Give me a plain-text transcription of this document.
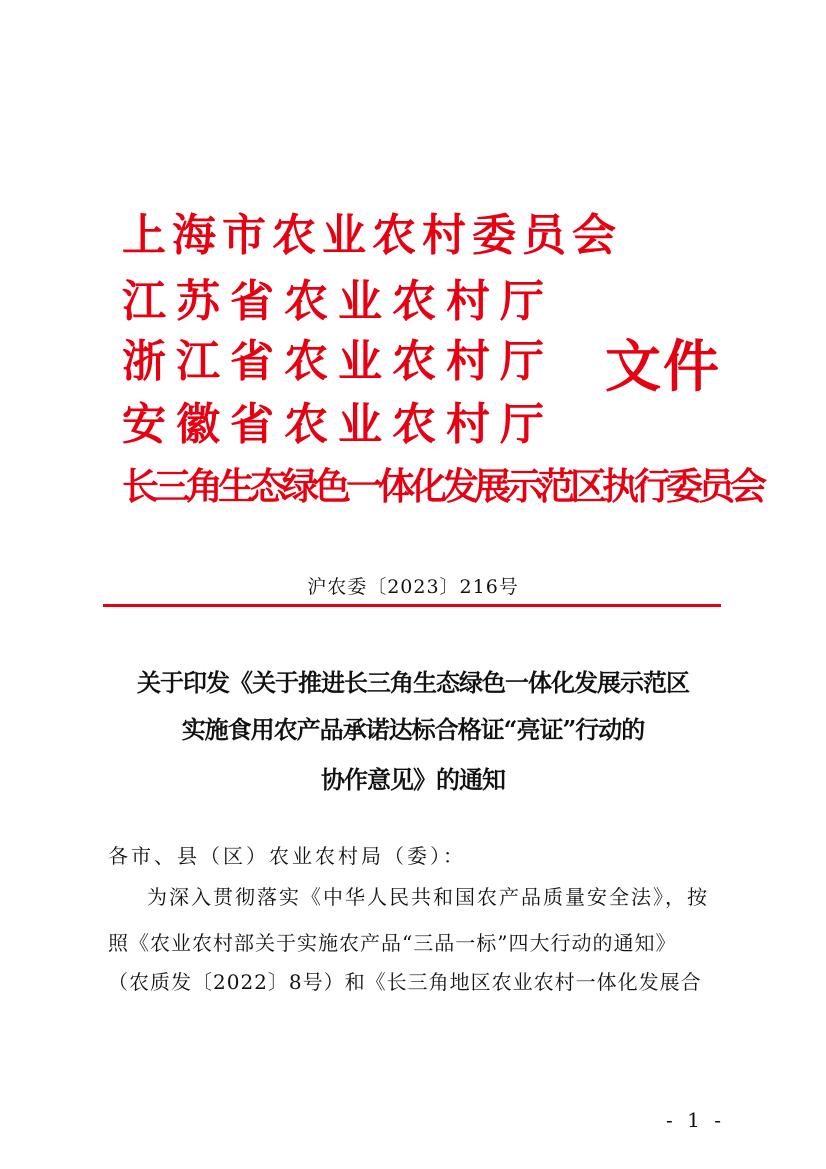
上海市农业农村委员会
江苏省农业农村厅
浙江省农业农村厅
安徽省农业农村厅
长三角生态绿色一体化发展示范区执行委员会
文件
沪农委〔2023〕216号
关于印发《关于推进长三角生态绿色一体化发展示范区
实施食用农产品承诺达标合格证“亮证”行动的
协作意见》的通知
各市、县（区）农业农村局（委）：
为深入贯彻落实《中华人民共和国农产品质量安全法》，按
照《农业农村部关于实施农产品“三品一标”四大行动的通知》
（农质发〔2022〕8号）和《长三角地区农业农村一体化发展合
- 1 -
